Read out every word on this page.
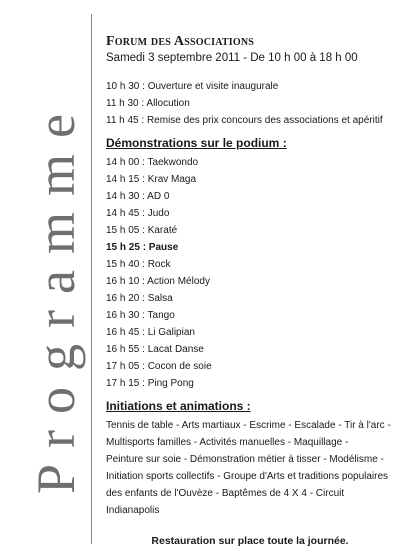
Programme
Forum des Associations
Samedi 3 septembre 2011 - De 10 h 00 à 18 h 00
10 h 30 : Ouverture et visite inaugurale
11 h 30 : Allocution
11 h 45 : Remise des prix concours des associations et apéritif
Démonstrations sur le podium :
14 h 00 : Taekwondo
14 h 15 : Krav Maga
14 h 30 : AD 0
14 h 45 : Judo
15 h 05 : Karaté
15 h 25 : Pause
15 h 40 : Rock
16 h 10 : Action Mélody
16 h 20 : Salsa
16 h 30 : Tango
16 h 45 : Li Galipian
16 h 55 : Lacat Danse
17 h 05 : Cocon de soie
17 h 15 : Ping Pong
Initiations et animations :
Tennis de table - Arts martiaux - Escrime - Escalade - Tir à l'arc -
Multisports familles - Activités manuelles - Maquillage -
Peinture sur soie - Démonstration métier à tisser - Modélisme -
Initiation sports collectifs - Groupe d'Arts et traditions populaires
des enfants de l'Ouvèze - Baptêmes de 4 X 4 - Circuit Indianapolis
Restauration sur place toute la journée.
